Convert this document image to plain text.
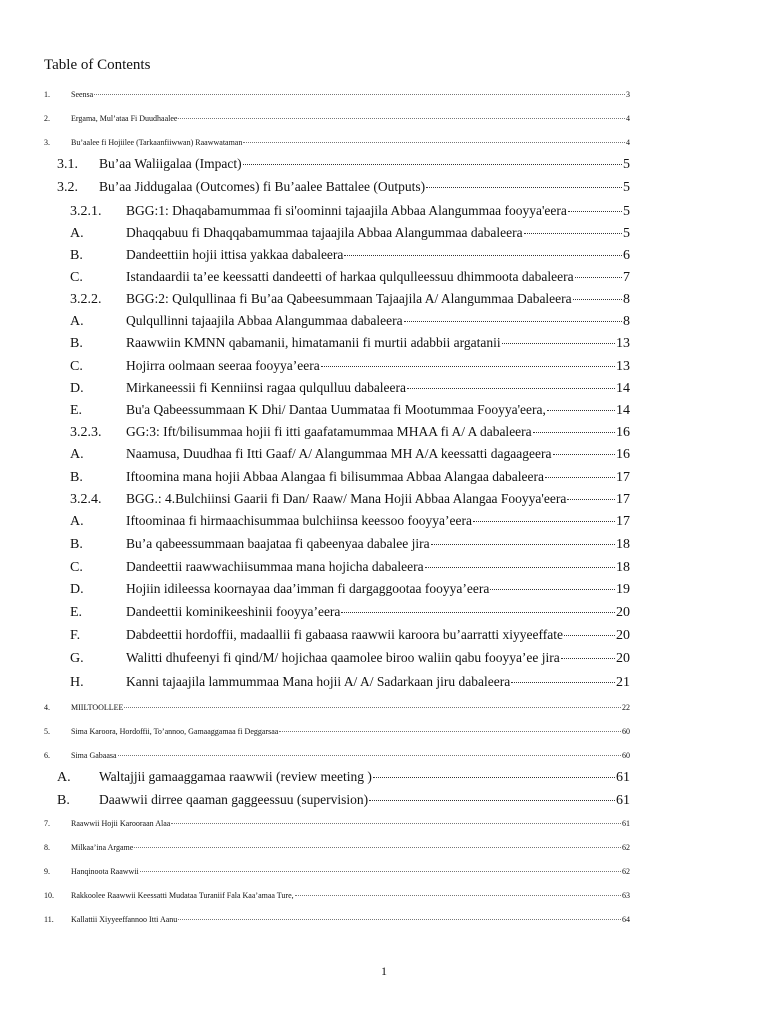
Table of Contents
1.	Seensa	3
2.	Ergama, Mul’ataa Fi Duudhaalee	4
3.	Bu’aalee fi Hojiilee (Tarkaanfiiwwan) Raawwataman	4
3.1.	Bu’aa Waliigalaa (Impact)	5
3.2.	Bu’aa Jiddugalaa (Outcomes) fi Bu’aalee Battalee (Outputs)	5
3.2.1.	BGG:1: Dhaqabamummaa fi si'oominni tajaajila Abbaa Alangummaa fooyya'eera	5
A.	Dhaqqabuu fi Dhaqqabamummaa tajaajila Abbaa Alangummaa dabaleera	5
B.	Dandeettiin hojii ittisa yakkaa dabaleera	6
C.	Istandaardii ta’ee keessatti dandeetti of harkaa qulqulleessuu dhimmoota dabaleera	7
3.2.2.	BGG:2: Qulqullinaa fi Bu’aa Qabeesummaan Tajaajila A/ Alangummaa Dabaleera	8
A.	Qulqullinni tajaajila Abbaa Alangummaa dabaleera	8
B.	Raawwiin KMNN qabamanii, himatamanii fi murtii adabbii argatanii	13
C.	Hojirra oolmaan seeraa fooyya’eera	13
D.	Mirkaneessii fi Kenniinsi ragaa qulqulluu dabaleera	14
E.	Bu'a Qabeessummaan K Dhi/ Dantaa Uummataa fi Mootummaa Fooyya'eera,	14
3.2.3.	GG:3: Ift/bilisummaa hojii fi itti gaafatamummaa MHAA fi A/ A dabaleera	16
A.	Naamusa, Duudhaa fi Itti Gaaf/ A/ Alangummaa MH A/A keessatti dagaageera	16
B.	Iftoomina mana hojii Abbaa Alangaa fi bilisummaa Abbaa Alangaa dabaleera	17
3.2.4.	BGG.: 4.Bulchiinsi Gaarii fi Dan/ Raaw/ Mana Hojii Abbaa Alangaa Fooyya'eera	17
A.	Iftoominaa fi hirmaachisummaa bulchiinsa keessoo fooyya’eera	17
B.	Bu’a qabeessummaan baajataa fi qabeenyaa dabalee jira	18
C.	Dandeettii raawwachiisummaa mana hojicha dabaleera	18
D.	Hojiin idileessa koornayaa daa’imman fi dargaggootaa fooyya’eera	19
E.	Dandeettii kominikeeshinii fooyya’eera	20
F.	Dabdeettii hordoffii, madaallii fi gabaasa raawwii karoora bu’aarratti xiyyeeffate	20
G.	Walitti dhufeenyi fi qind/M/ hojichaa qaamolee biroo waliin qabu fooyya’ee jira	20
H.	Kanni tajaajila lammummaa Mana hojii A/ A/ Sadarkaan jiru dabaleera	21
4.	MIILTOOLLEE	22
5.	Sima Karoora, Hordoffii, To’annoo, Gamaaggamaa fi Deggarsaa	60
6.	Sima Gabaasa	60
A.	Waltajjii gamaaggamaa raawwii (review meeting )	61
B.	Daawwii dirree qaaman gaggeessuu (supervision)	61
7.	Raawwii Hojii Karooraan Alaa	61
8.	Milkaa’ina Argame	62
9.	Hanqinoota Raawwii	62
10.	Rakkoolee Raawwii Keessatti Mudataa Turaniif Fala Kaa’amaa Ture,	63
11.	Kallattii Xiyyeeffannoo Itti Aanu	64
1
